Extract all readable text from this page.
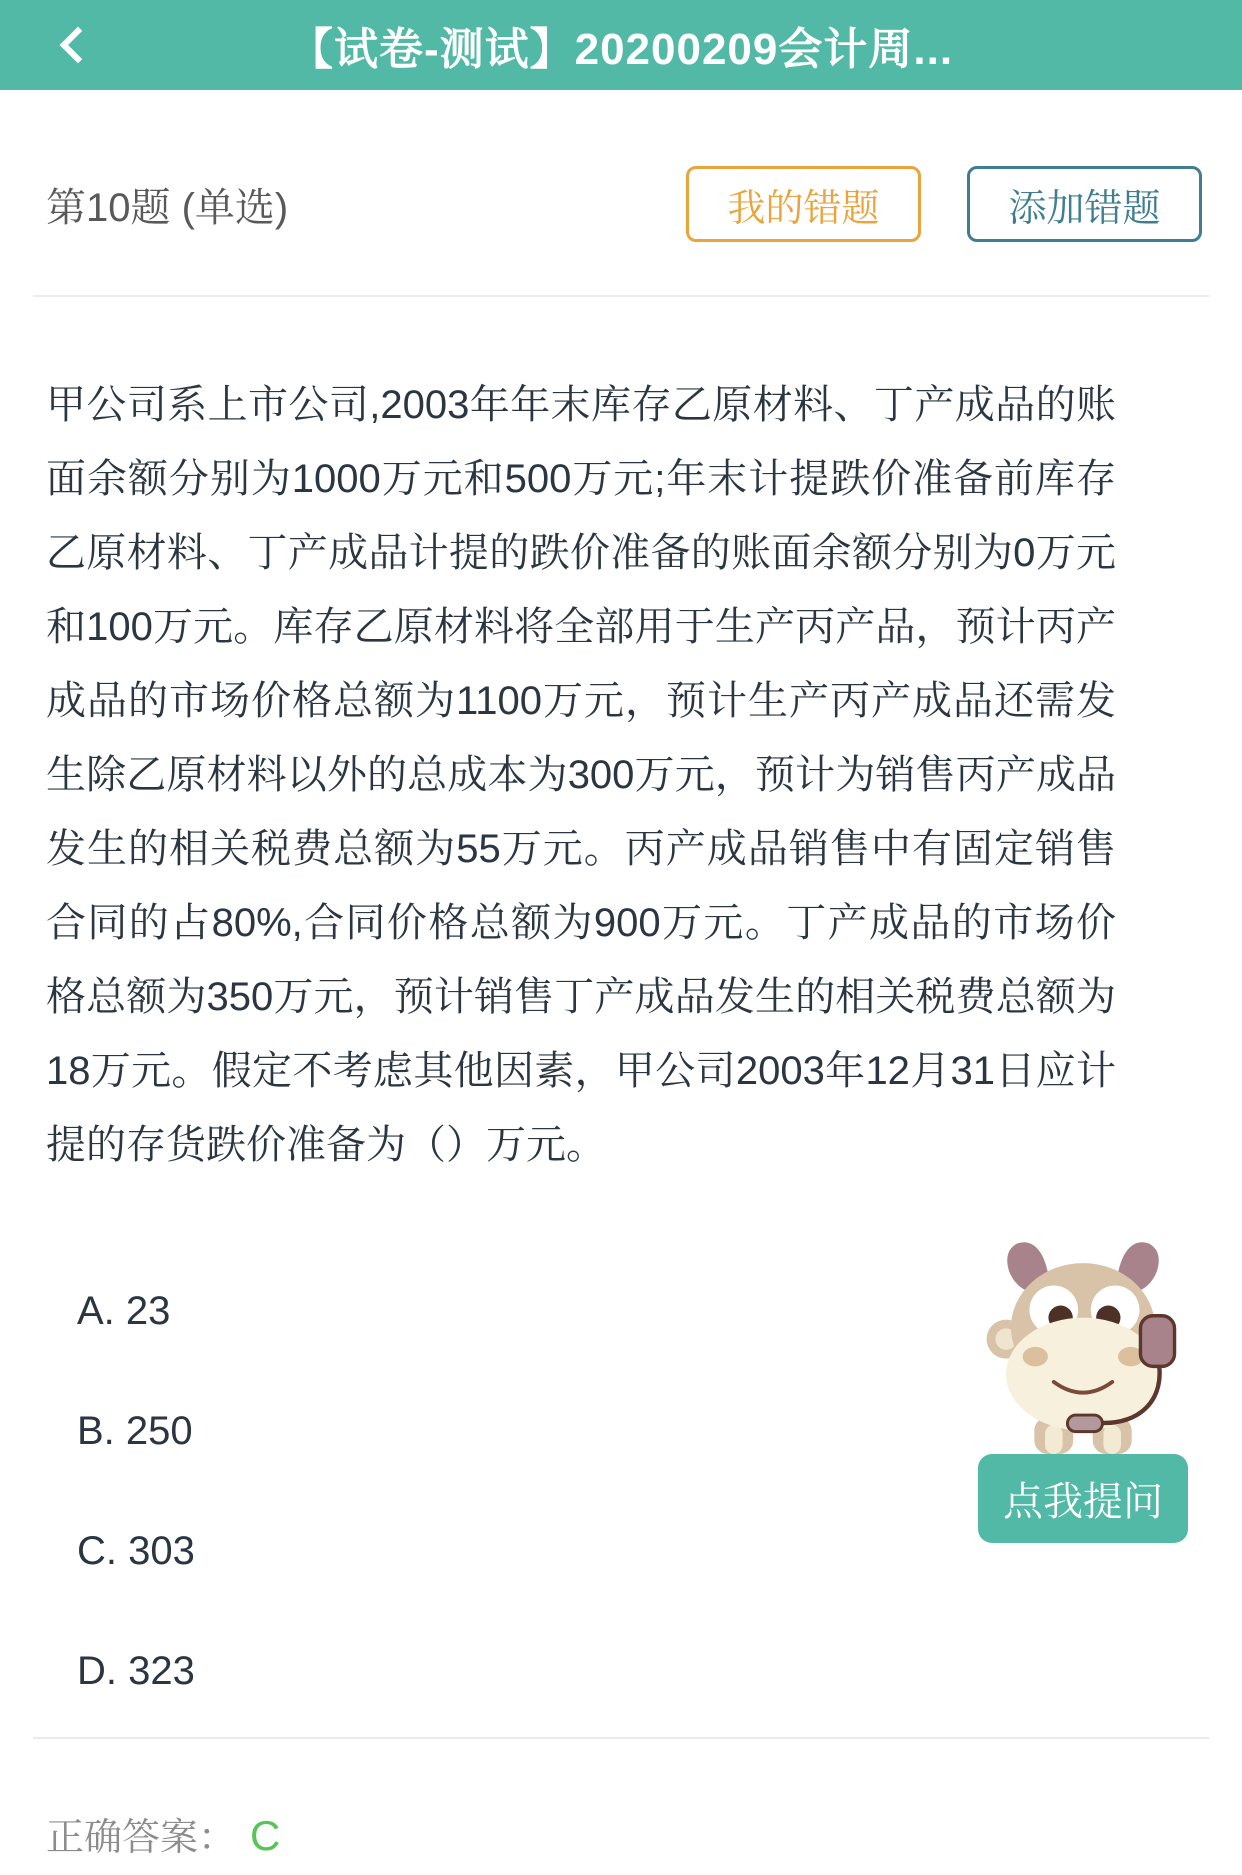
【试卷-测试】20200209会计周...
第10题 (单选)	我的错题	添加错题
甲公司系上市公司,2003年年末库存乙原材料、丁产成品的账面余额分别为1000万元和500万元;年末计提跌价准备前库存乙原材料、丁产成品计提的跌价准备的账面余额分别为0万元和100万元。库存乙原材料将全部用于生产丙产品，预计丙产成品的市场价格总额为1100万元，预计生产丙产成品还需发生除乙原材料以外的总成本为300万元，预计为销售丙产成品发生的相关税费总额为55万元。丙产成品销售中有固定销售合同的占80%,合同价格总额为900万元。丁产成品的市场价格总额为350万元，预计销售丁产成品发生的相关税费总额为18万元。假定不考虑其他因素，甲公司2003年12月31日应计提的存货跌价准备为（）万元。
A. 23
B. 250
C. 303
D. 323
点我提问
正确答案： C
